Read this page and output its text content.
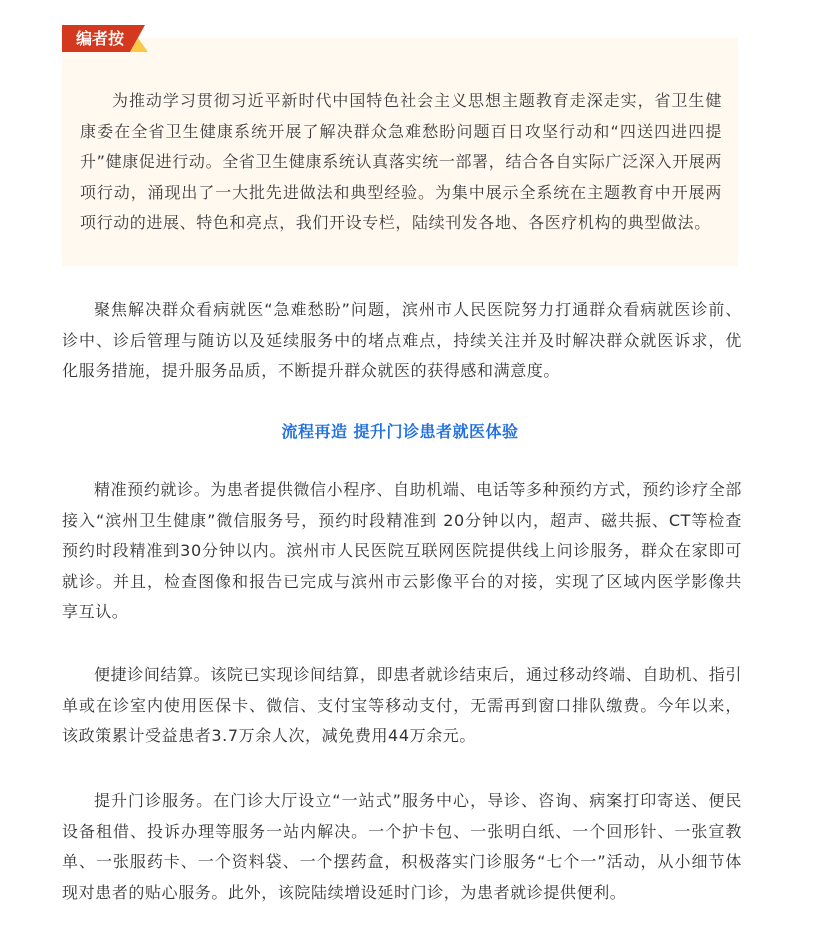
编者按

为推动学习贯彻习近平新时代中国特色社会主义思想主题教育走深走实，省卫生健康委在全省卫生健康系统开展了解决群众急难愁盼问题百日攻坚行动和“四送四进四提升”健康促进行动。全省卫生健康系统认真落实统一部署，结合各自实际广泛深入开展两项行动，涌现出了一大批先进做法和典型经验。为集中展示全系统在主题教育中开展两项行动的进展、特色和亮点，我们开设专栏，陆续刊发各地、各医疗机构的典型做法。

聚焦解决群众看病就医“急难愁盼”问题，滨州市人民医院努力打通群众看病就医诊前、诊中、诊后管理与随访以及延续服务中的堵点难点，持续关注并及时解决群众就医诉求，优化服务措施，提升服务品质，不断提升群众就医的获得感和满意度。

流程再造 提升门诊患者就医体验

精准预约就诊。为患者提供微信小程序、自助机端、电话等多种预约方式，预约诊疗全部接入“滨州卫生健康”微信服务号，预约时段精准到 20分钟以内，超声、磁共振、CT等检查预约时段精准到30分钟以内。滨州市人民医院互联网医院提供线上问诊服务，群众在家即可就诊。并且，检查图像和报告已完成与滨州市云影像平台的对接，实现了区域内医学影像共享互认。

便捷诊间结算。该院已实现诊间结算，即患者就诊结束后，通过移动终端、自助机、指引单或在诊室内使用医保卡、微信、支付宝等移动支付，无需再到窗口排队缴费。今年以来，该政策累计受益患者3.7万余人次，减免费用44万余元。

提升门诊服务。在门诊大厅设立“一站式”服务中心，导诊、咨询、病案打印寄送、便民设备租借、投诉办理等服务一站内解决。一个护卡包、一张明白纸、一个回形针、一张宣教单、一张服药卡、一个资料袋、一个摆药盒，积极落实门诊服务“七个一”活动，从小细节体现对患者的贴心服务。此外，该院陆续增设延时门诊，为患者就诊提供便利。
